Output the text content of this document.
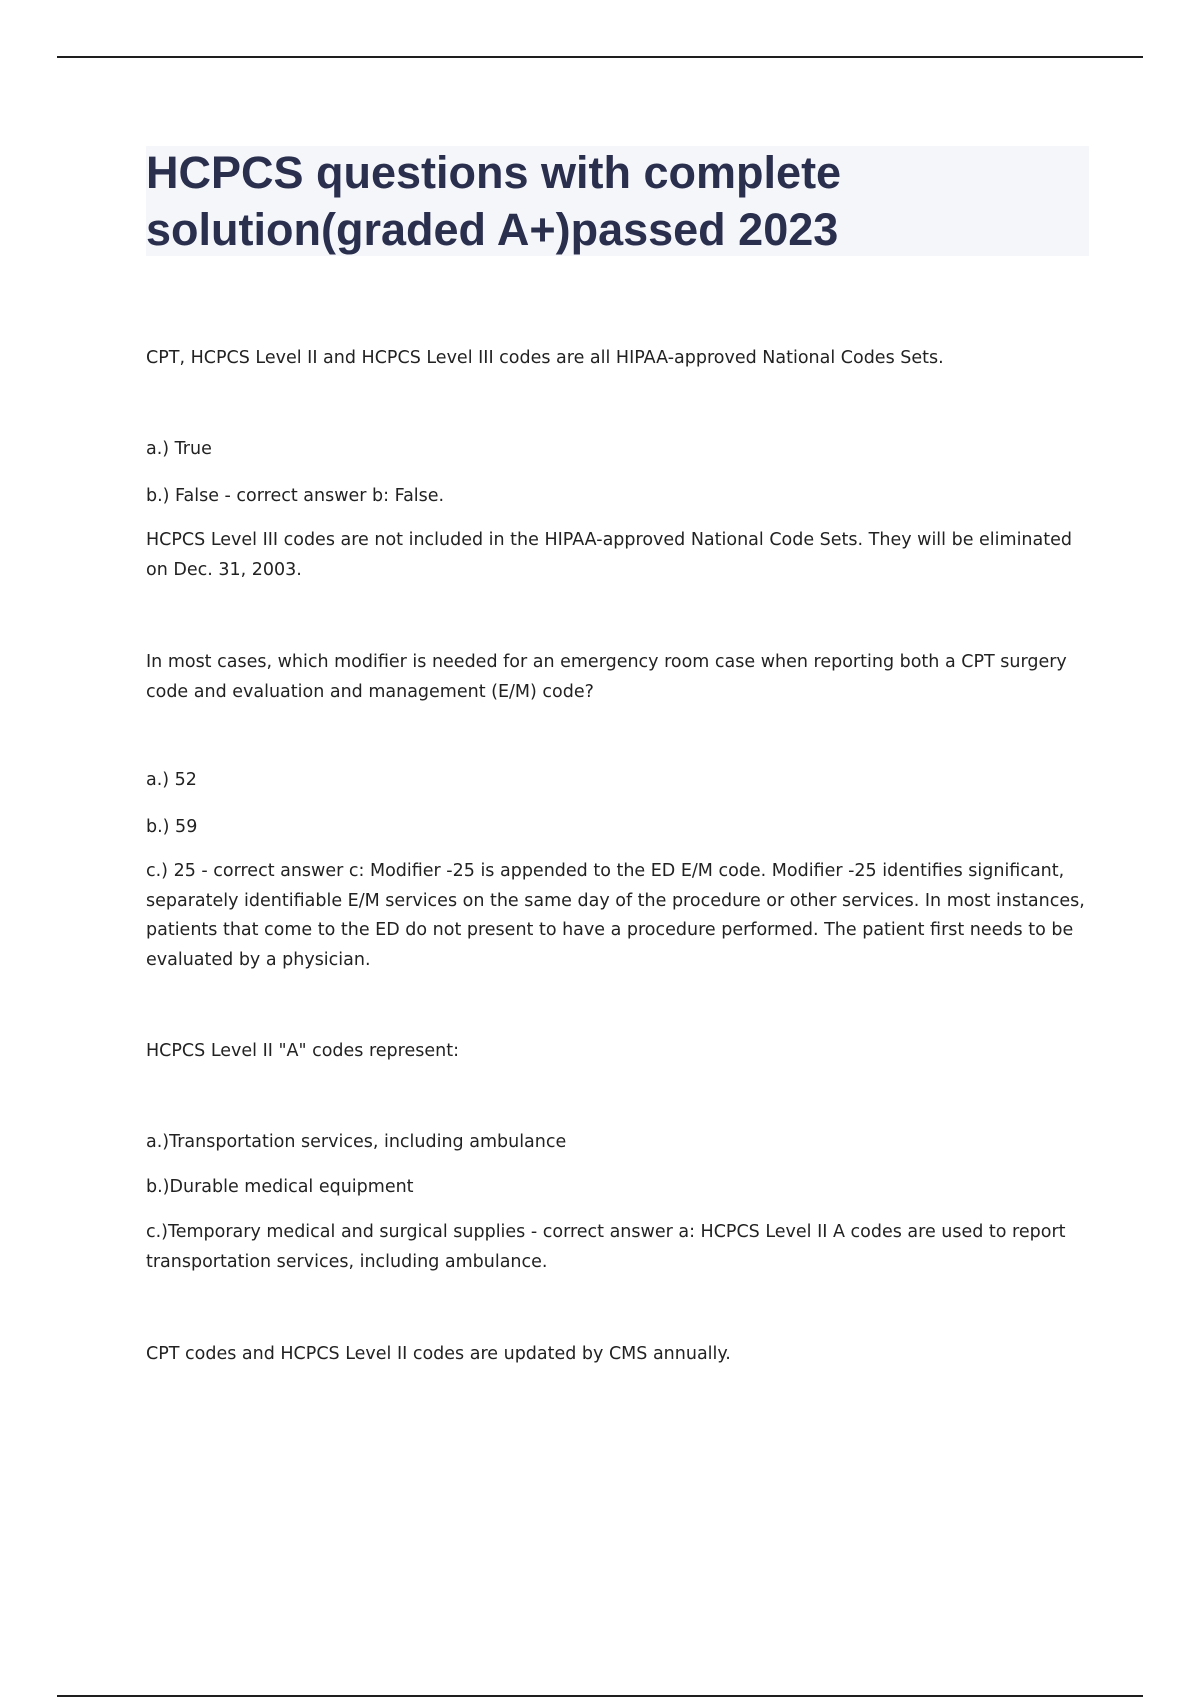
HCPCS questions with complete solution(graded A+)passed 2023

CPT, HCPCS Level II and HCPCS Level III codes are all HIPAA-approved National Codes Sets.

a.) True

b.) False - correct answer b: False.

HCPCS Level III codes are not included in the HIPAA-approved National Code Sets. They will be eliminated on Dec. 31, 2003.

In most cases, which modifier is needed for an emergency room case when reporting both a CPT surgery code and evaluation and management (E/M) code?

a.) 52

b.) 59

c.) 25 - correct answer c: Modifier -25 is appended to the ED E/M code. Modifier -25 identifies significant, separately identifiable E/M services on the same day of the procedure or other services. In most instances, patients that come to the ED do not present to have a procedure performed. The patient first needs to be evaluated by a physician.

HCPCS Level II "A" codes represent:

a.)Transportation services, including ambulance

b.)Durable medical equipment

c.)Temporary medical and surgical supplies - correct answer a: HCPCS Level II A codes are used to report transportation services, including ambulance.

CPT codes and HCPCS Level II codes are updated by CMS annually.
